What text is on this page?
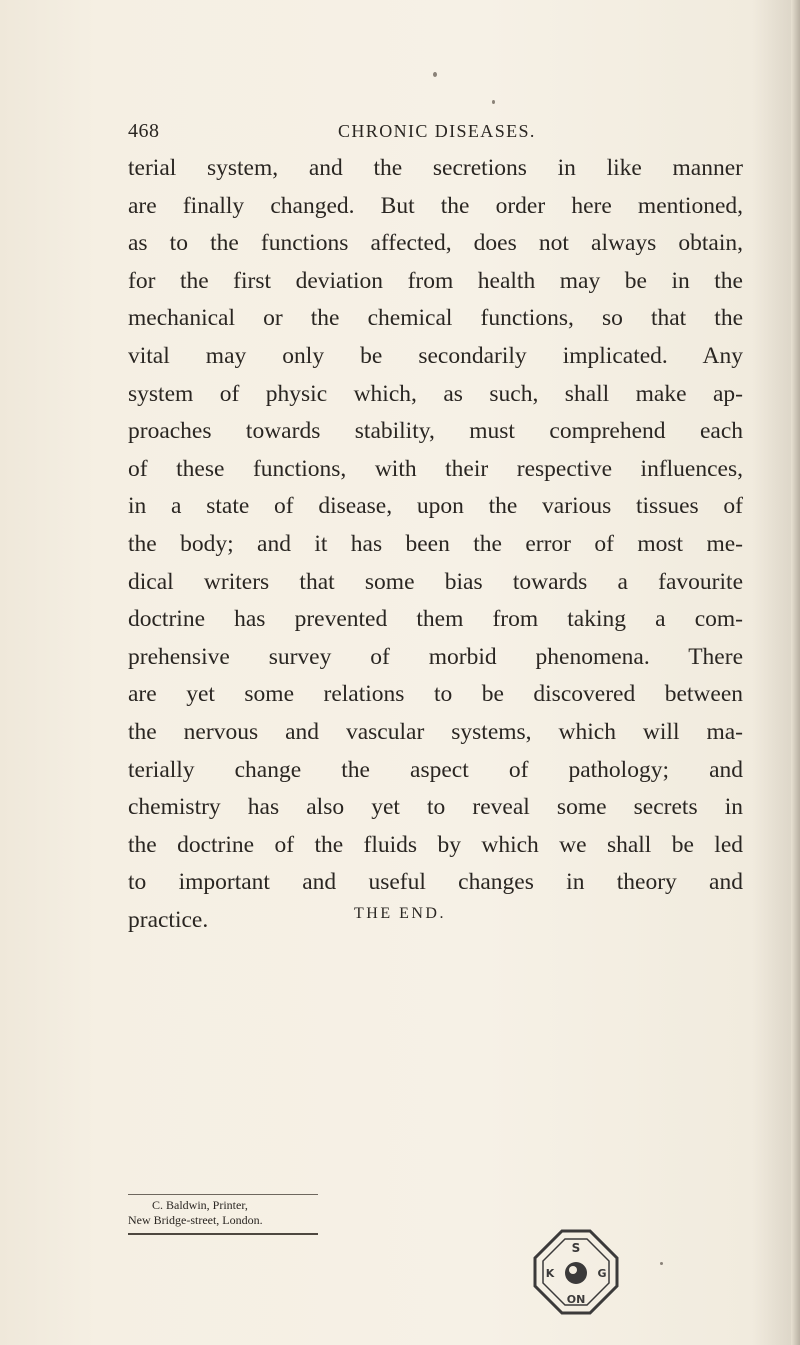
468	CHRONIC DISEASES.

terial system, and the secretions in like manner
are finally changed. But the order here mentioned,
as to the functions affected, does not always obtain,
for the first deviation from health may be in the
mechanical or the chemical functions, so that the
vital may only be secondarily implicated. Any
system of physic which, as such, shall make ap-
proaches towards stability, must comprehend each
of these functions, with their respective influences,
in a state of disease, upon the various tissues of
the body; and it has been the error of most me-
dical writers that some bias towards a favourite
doctrine has prevented them from taking a com-
prehensive survey of morbid phenomena. There
are yet some relations to be discovered between
the nervous and vascular systems, which will ma-
terially change the aspect of pathology; and
chemistry has also yet to reveal some secrets in
the doctrine of the fluids by which we shall be led
to important and useful changes in theory and
practice.	THE END.
C. Baldwin, Printer,
New Bridge-street, London.
S
G
ON
K
